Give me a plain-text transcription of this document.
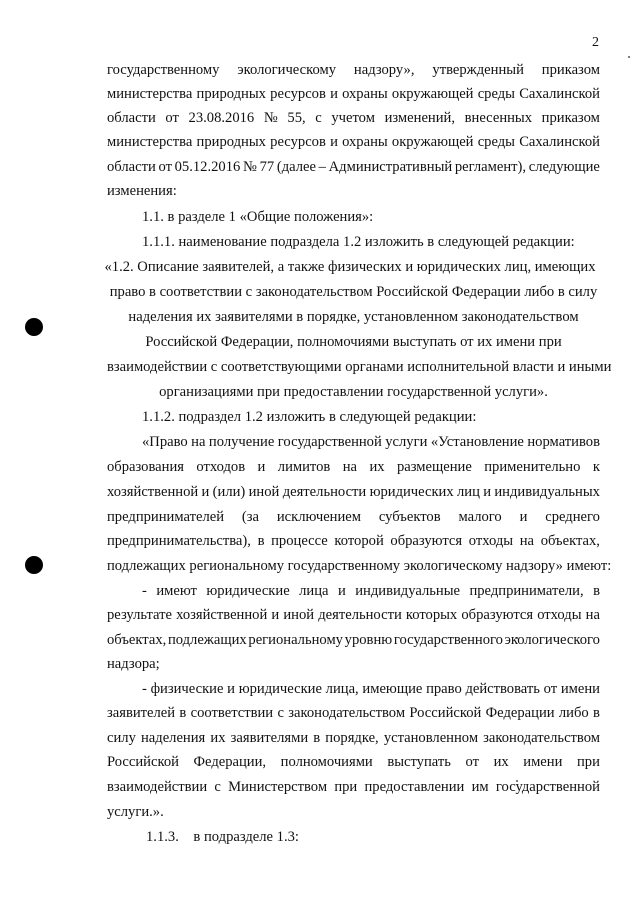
2
государственному экологическому надзору», утвержденный приказом
министерства природных ресурсов и охраны окружающей среды Сахалинской
области от 23.08.2016 № 55, с учетом изменений, внесенных приказом
министерства природных ресурсов и охраны окружающей среды Сахалинской
области от 05.12.2016 № 77 (далее – Административный регламент), следующие
изменения:
1.1. в разделе 1 «Общие положения»:
1.1.1. наименование подраздела 1.2 изложить в следующей редакции:
«1.2. Описание заявителей, а также физических и юридических лиц, имеющих
право в соответствии с законодательством Российской Федерации либо в силу
наделения их заявителями в порядке, установленном законодательством
Российской Федерации, полномочиями выступать от их имени при
взаимодействии с соответствующими органами исполнительной власти и иными
организациями при предоставлении государственной услуги».
1.1.2. подраздел 1.2 изложить в следующей редакции:
«Право на получение государственной услуги «Установление нормативов
образования отходов и лимитов на их размещение применительно к
хозяйственной и (или) иной деятельности юридических лиц и индивидуальных
предпринимателей (за исключением субъектов малого и среднего
предпринимательства), в процессе которой образуются отходы на объектах,
подлежащих региональному государственному экологическому надзору» имеют:
- имеют юридические лица и индивидуальные предприниматели, в
результате хозяйственной и иной деятельности которых образуются отходы на
объектах, подлежащих региональному уровню государственного экологического
надзора;
- физические и юридические лица, имеющие право действовать от имени
заявителей в соответствии с законодательством Российской Федерации либо в
силу наделения их заявителями в порядке, установленном законодательством
Российской Федерации, полномочиями выступать от их имени при
взаимодействии с Министерством при предоставлении им государственной
услуги.».
1.1.3.    в подразделе 1.3:
